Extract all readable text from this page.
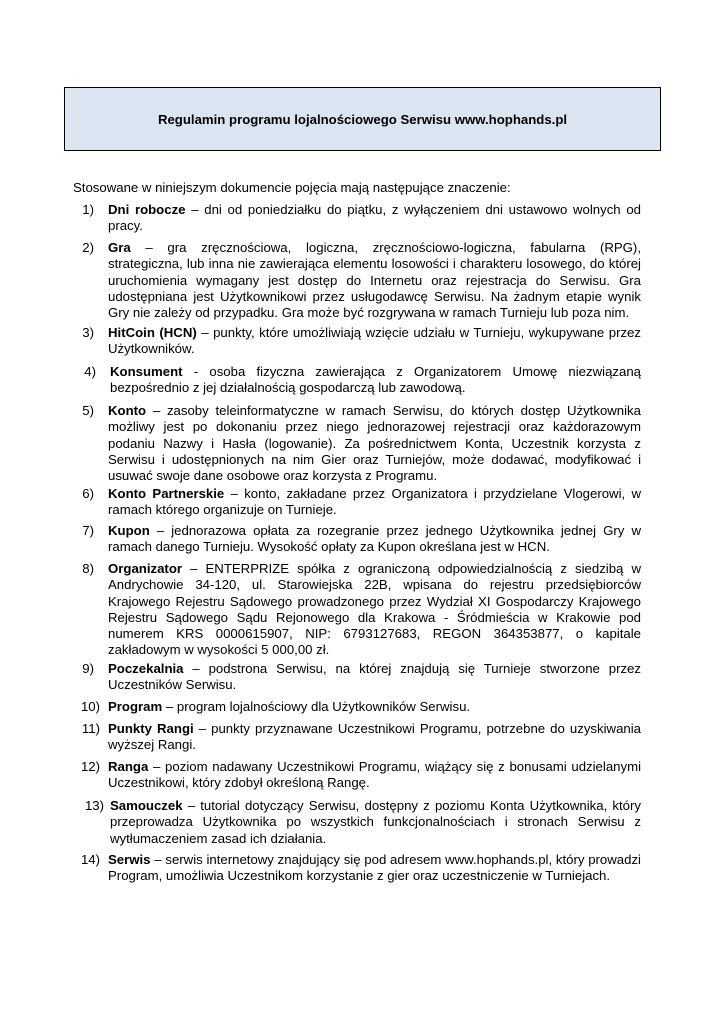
Regulamin programu lojalnościowego Serwisu www.hophands.pl
Stosowane w niniejszym dokumencie pojęcia mają następujące znaczenie:
1) Dni robocze – dni od poniedziałku do piątku, z wyłączeniem dni ustawowo wolnych od pracy.
2) Gra – gra zręcznościowa, logiczna, zręcznościowo-logiczna, fabularna (RPG), strategiczna, lub inna nie zawierająca elementu losowości i charakteru losowego, do której uruchomienia wymagany jest dostęp do Internetu oraz rejestracja do Serwisu. Gra udostępniana jest Użytkownikowi przez usługodawcę Serwisu. Na żadnym etapie wynik Gry nie zależy od przypadku. Gra może być rozgrywana w ramach Turnieju lub poza nim.
3) HitCoin (HCN) – punkty, które umożliwiają wzięcie udziału w Turnieju, wykupywane przez Użytkowników.
4) Konsument - osoba fizyczna zawierająca z Organizatorem Umowę niezwiązaną bezpośrednio z jej działalnością gospodarczą lub zawodową.
5) Konto – zasoby teleinformatyczne w ramach Serwisu, do których dostęp Użytkownika możliwy jest po dokonaniu przez niego jednorazowej rejestracji oraz każdorazowym podaniu Nazwy i Hasła (logowanie). Za pośrednictwem Konta, Uczestnik korzysta z Serwisu i udostępnionych na nim Gier oraz Turniejów, może dodawać, modyfikować i usuwać swoje dane osobowe oraz korzysta z Programu.
6) Konto Partnerskie – konto, zakładane przez Organizatora i przydzielane Vlogerowi, w ramach którego organizuje on Turnieje.
7) Kupon – jednorazowa opłata za rozegranie przez jednego Użytkownika jednej Gry w ramach danego Turnieju. Wysokość opłaty za Kupon określana jest w HCN.
8) Organizator – ENTERPRIZE spółka z ograniczoną odpowiedzialnością z siedzibą w Andrychowie 34-120, ul. Starowiejska 22B, wpisana do rejestru przedsiębiorców Krajowego Rejestru Sądowego prowadzonego przez Wydział XI Gospodarczy Krajowego Rejestru Sądowego Sądu Rejonowego dla Krakowa - Śródmieścia w Krakowie pod numerem KRS 0000615907, NIP: 6793127683, REGON 364353877, o kapitale zakładowym w wysokości 5 000,00 zł.
9) Poczekalnia – podstrona Serwisu, na której znajdują się Turnieje stworzone przez Uczestników Serwisu.
10) Program – program lojalnościowy dla Użytkowników Serwisu.
11) Punkty Rangi – punkty przyznawane Uczestnikowi Programu, potrzebne do uzyskiwania wyższej Rangi.
12) Ranga – poziom nadawany Uczestnikowi Programu, wiążący się z bonusami udzielanymi Uczestnikowi, który zdobył określoną Rangę.
13) Samouczek – tutorial dotyczący Serwisu, dostępny z poziomu Konta Użytkownika, który przeprowadza Użytkownika po wszystkich funkcjonalnościach i stronach Serwisu z wytłumaczeniem zasad ich działania.
14) Serwis – serwis internetowy znajdujący się pod adresem www.hophands.pl, który prowadzi Program, umożliwia Uczestnikom korzystanie z gier oraz uczestniczenie w Turniejach.
